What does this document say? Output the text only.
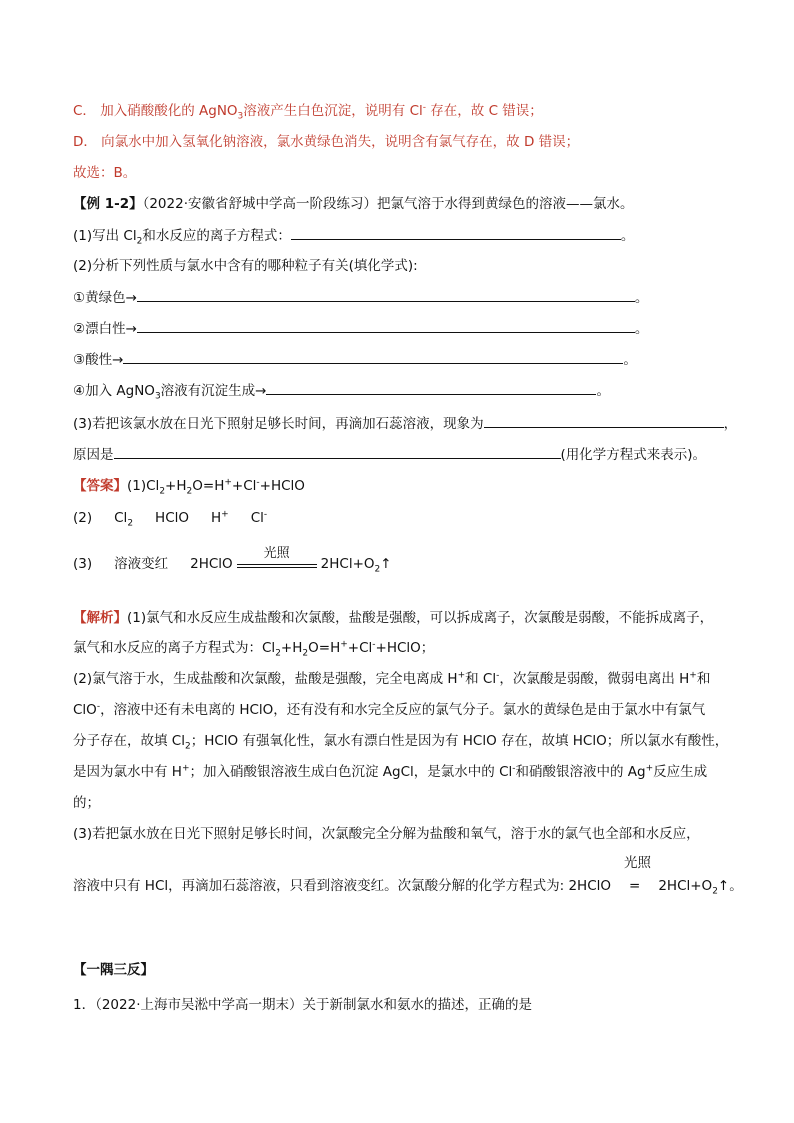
C． 加入硝酸酸化的 AgNO$_3$溶液产生白色沉淀，说明有 Cl- 存在，故 C 错误；
D． 向氯水中加入氢氧化钠溶液，氯水黄绿色消失，说明含有氯气存在，故 D 错误；
故选：B。
【例 1-2】（2022·安徽省舒城中学高一阶段练习）把氯气溶于水得到黄绿色的溶液——氯水。
(1)写出 $Cl_2$和水反应的离子方程式：	。
(2)分析下列性质与氯水中含有的哪种粒子有关(填化学式):
①黄绿色→	。
②漂白性→	。
③酸性→	。
④加入 AgNO$_3$溶液有沉淀生成→	。
(3)若把该氯水放在日光下照射足够长时间，再滴加石蕊溶液，现象为	，
原因是	(用化学方程式来表示)。
【答案】$(1)Cl_2+H_2O=H^++Cl^-+HClO$
(2) $Cl_2$ HClO H+ Cl-
(3) 溶液变红 2HClO
光照
$2HCl+O_2↑$
【解析】(1)氯气和水反应生成盐酸和次氯酸，盐酸是强酸，可以拆成离子，次氯酸是弱酸，不能拆成离子，
氯气和水反应的离子方程式为：$Cl_2+H_2O=H^++Cl^-+HClO$；
(2)氯气溶于水，生成盐酸和次氯酸，盐酸是强酸，完全电离成 H+和 Cl-，次氯酸是弱酸，微弱电离出 H+和
ClO-，溶液中还有未电离的 HClO，还有没有和水完全反应的氯气分子。氯水的黄绿色是由于氯水中有氯气
分子存在，故填 $Cl_2$；HClO 有强氧化性，氯水有漂白性是因为有 HClO 存在，故填 HClO；所以氯水有酸性，
是因为氯水中有 H+；加入硝酸银溶液生成白色沉淀 AgCl，是氯水中的 Cl-和硝酸银溶液中的 Ag+反应生成
的；
(3)若把氯水放在日光下照射足够长时间，次氯酸完全分解为盐酸和氧气，溶于水的氯气也全部和水反应，
光照
溶液中只有 HCl，再滴加石蕊溶液，只看到溶液变红。次氯酸分解的化学方程式为: 2HClO = $2HCl+O_2↑$。
【一隅三反】
1．（2022·上海市吴淞中学高一期末）关于新制氯水和氨水的描述，正确的是
